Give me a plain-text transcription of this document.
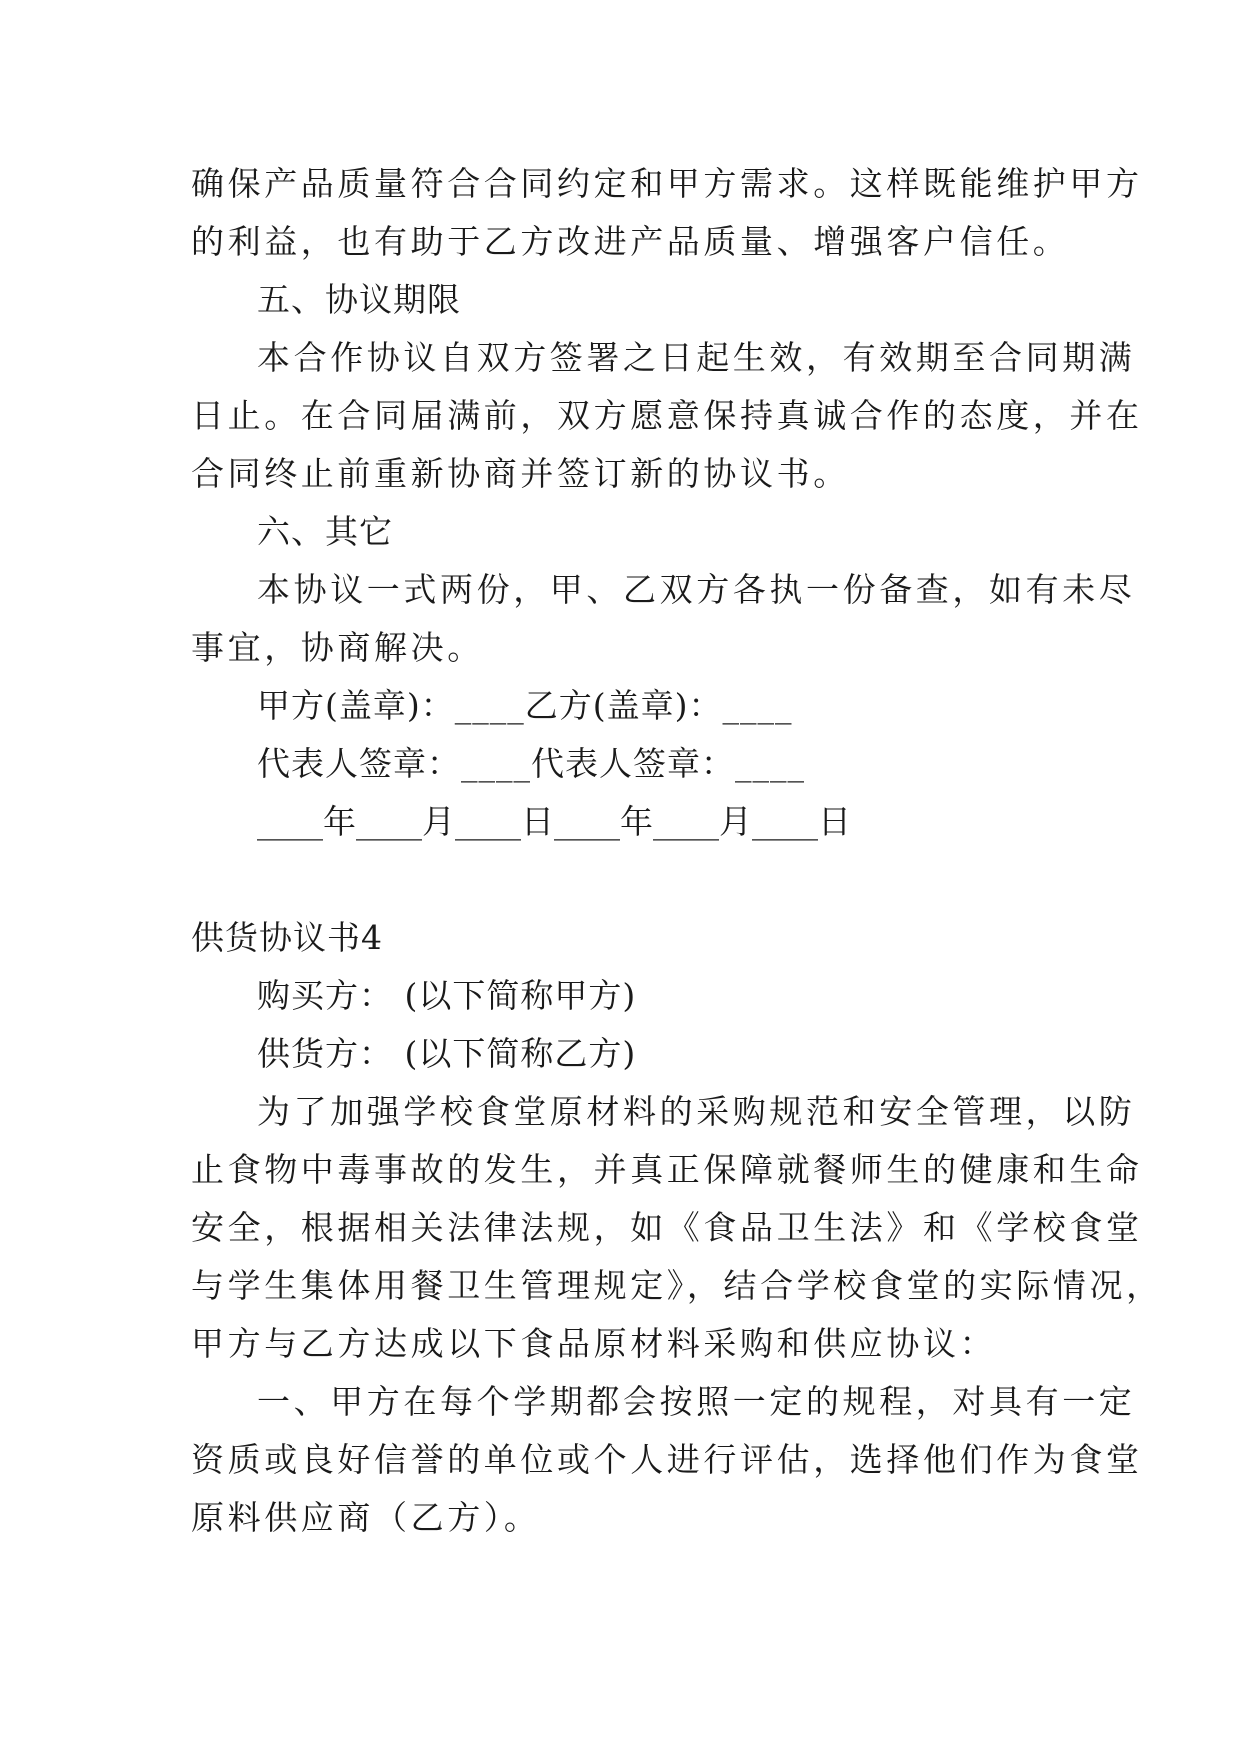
确保产品质量符合合同约定和甲方需求。这样既能维护甲方
的利益，也有助于乙方改进产品质量、增强客户信任。
五、协议期限
本合作协议自双方签署之日起生效，有效期至合同期满
日止。在合同届满前，双方愿意保持真诚合作的态度，并在
合同终止前重新协商并签订新的协议书。
六、其它
本协议一式两份，甲、乙双方各执一份备查，如有未尽
事宜，协商解决。
甲方(盖章)：____乙方(盖章)：____
代表人签章：____代表人签章：____
____年____月____日____年____月____日
供货协议书4
购买方： (以下简称甲方)
供货方： (以下简称乙方)
为了加强学校食堂原材料的采购规范和安全管理，以防
止食物中毒事故的发生，并真正保障就餐师生的健康和生命
安全，根据相关法律法规，如《食品卫生法》和《学校食堂
与学生集体用餐卫生管理规定》，结合学校食堂的实际情况，
甲方与乙方达成以下食品原材料采购和供应协议：
一、甲方在每个学期都会按照一定的规程，对具有一定
资质或良好信誉的单位或个人进行评估，选择他们作为食堂
原料供应商（乙方）。
